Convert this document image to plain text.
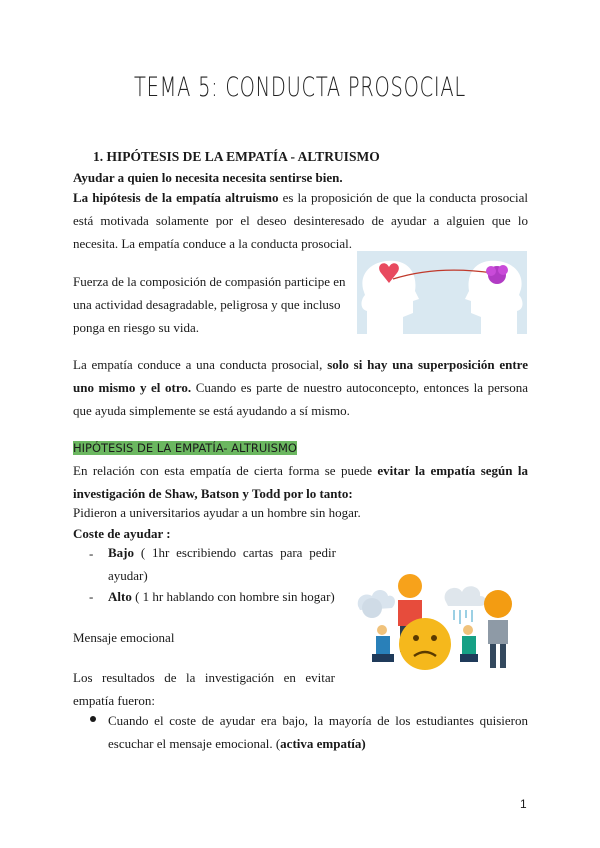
TEMA 5: CONDUCTA PROSOCIAL
1. HIPÓTESIS DE LA EMPATÍA - ALTRUISMO
Ayudar a quien lo necesita necesita sentirse bien.
La hipótesis de la empatía altruismo es la proposición de que la conducta prosocial está motivada solamente por el deseo desinteresado de ayudar a alguien que lo necesita. La empatía conduce a la conducta prosocial.
Fuerza de la composición de compasión participe en una actividad desagradable, peligrosa y que incluso ponga en riesgo su vida.
La empatía conduce a una conducta prosocial, solo si hay una superposición entre uno mismo y el otro. Cuando es parte de nuestro autoconcepto, entonces la persona que ayuda simplemente se está ayudando a sí mismo.
HIPÓTESIS DE LA EMPATÍA- ALTRUISMO
En relación con esta empatía de cierta forma se puede evitar la empatía según la investigación de Shaw, Batson y Todd por lo tanto:
Pidieron a universitarios ayudar a un hombre sin hogar.
Coste de ayudar :
- Bajo ( 1hr escribiendo cartas para pedir ayudar)
- Alto ( 1 hr hablando con hombre sin hogar)
Mensaje emocional
Los resultados de la investigación en evitar empatía fueron:
Cuando el coste de ayudar era bajo, la mayoría de los estudiantes quisieron escuchar el mensaje emocional. (activa empatía)
1
